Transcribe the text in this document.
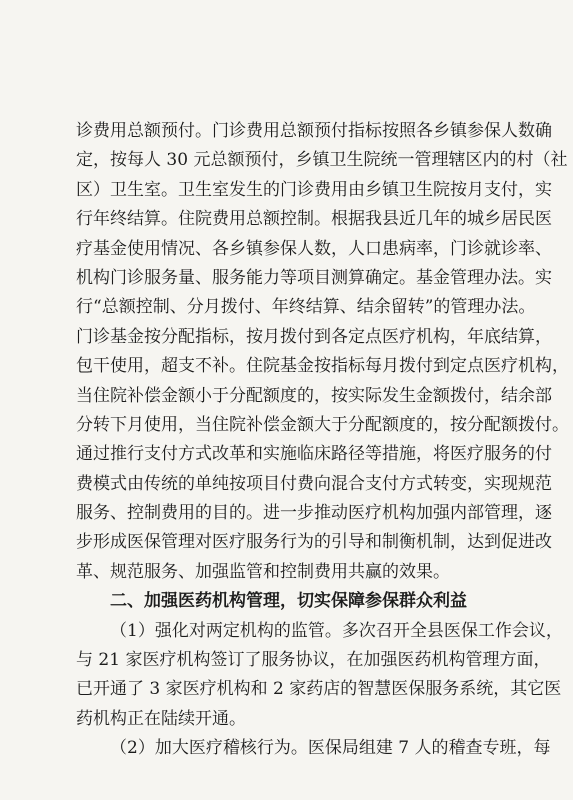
诊费用总额预付。门诊费用总额预付指标按照各乡镇参保人数确
定，按每人 30 元总额预付，乡镇卫生院统一管理辖区内的村（社
区）卫生室。卫生室发生的门诊费用由乡镇卫生院按月支付，实
行年终结算。住院费用总额控制。根据我县近几年的城乡居民医
疗基金使用情况、各乡镇参保人数，人口患病率，门诊就诊率、
机构门诊服务量、服务能力等项目测算确定。基金管理办法。实
行“总额控制、分月拨付、年终结算、结余留转”的管理办法。
门诊基金按分配指标，按月拨付到各定点医疗机构，年底结算，
包干使用，超支不补。住院基金按指标每月拨付到定点医疗机构，
当住院补偿金额小于分配额度的，按实际发生金额拨付，结余部
分转下月使用，当住院补偿金额大于分配额度的，按分配额拨付。
通过推行支付方式改革和实施临床路径等措施，将医疗服务的付
费模式由传统的单纯按项目付费向混合支付方式转变，实现规范
服务、控制费用的目的。进一步推动医疗机构加强内部管理，逐
步形成医保管理对医疗服务行为的引导和制衡机制，达到促进改
革、规范服务、加强监管和控制费用共赢的效果。
二、加强医药机构管理，切实保障参保群众利益
（1）强化对两定机构的监管。多次召开全县医保工作会议，
与 21 家医疗机构签订了服务协议，在加强医药机构管理方面，
已开通了 3 家医疗机构和 2 家药店的智慧医保服务系统，其它医
药机构正在陆续开通。
（2）加大医疗稽核行为。医保局组建 7 人的稽查专班，每
